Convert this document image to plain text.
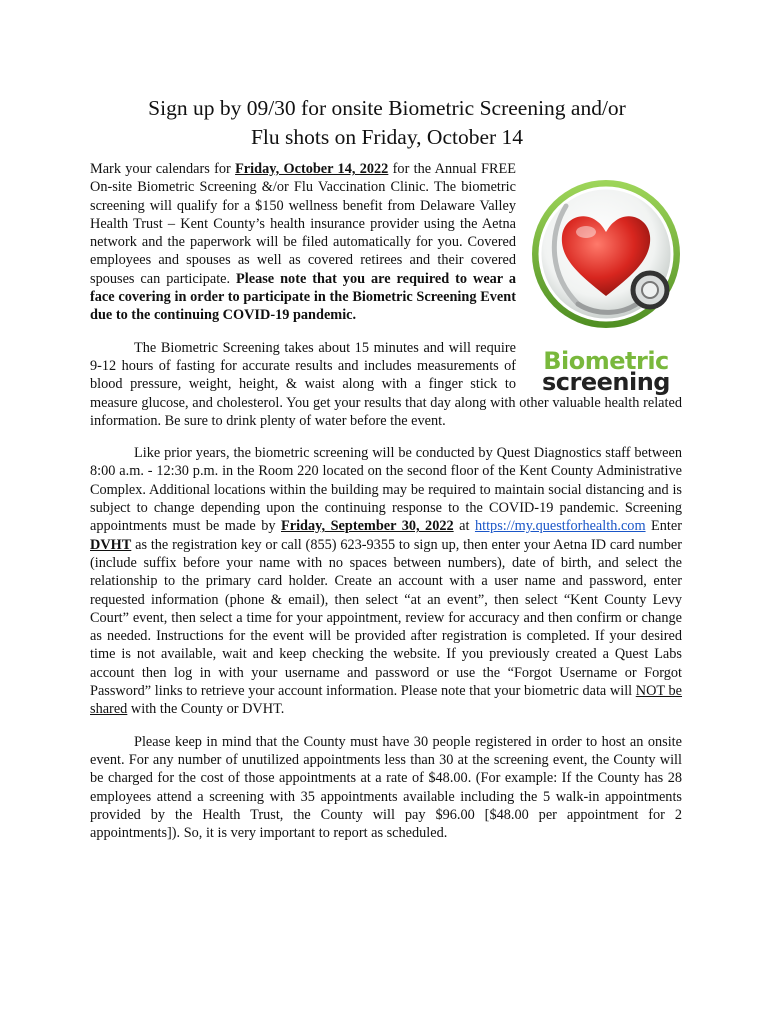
Sign up by 09/30 for onsite Biometric Screening and/or
Flu shots on Friday, October 14
Biometric
screening

Mark your calendars for Friday, October 14, 2022 for the Annual FREE On-site Biometric Screening &/or Flu Vaccination Clinic. The biometric screening will qualify for a $150 wellness benefit from Delaware Valley Health Trust – Kent County’s health insurance provider using the Aetna network and the paperwork will be filed automatically for you. Covered employees and spouses as well as covered retirees and their covered spouses can participate. Please note that you are required to wear a face covering in order to participate in the Biometric Screening Event due to the continuing COVID-19 pandemic.

The Biometric Screening takes about 15 minutes and will require 9-12 hours of fasting for accurate results and includes measurements of blood pressure, weight, height, & waist along with a finger stick to measure glucose, and cholesterol. You get your results that day along with other valuable health related information. Be sure to drink plenty of water before the event.

Like prior years, the biometric screening will be conducted by Quest Diagnostics staff between 8:00 a.m. - 12:30 p.m. in the Room 220 located on the second floor of the Kent County Administrative Complex. Additional locations within the building may be required to maintain social distancing and is subject to change depending upon the continuing response to the COVID-19 pandemic. Screening appointments must be made by Friday, September 30, 2022 at https://my.questforhealth.com Enter DVHT as the registration key or call (855) 623-9355 to sign up, then enter your Aetna ID card number (include suffix before your name with no spaces between numbers), date of birth, and select the relationship to the primary card holder. Create an account with a user name and password, enter requested information (phone & email), then select “at an event”, then select “Kent County Levy Court” event, then select a time for your appointment, review for accuracy and then confirm or change as needed. Instructions for the event will be provided after registration is completed. If your desired time is not available, wait and keep checking the website. If you previously created a Quest Labs account then log in with your username and password or use the “Forgot Username or Forgot Password” links to retrieve your account information. Please note that your biometric data will NOT be shared with the County or DVHT.

Please keep in mind that the County must have 30 people registered in order to host an onsite event. For any number of unutilized appointments less than 30 at the screening event, the County will be charged for the cost of those appointments at a rate of $48.00. (For example: If the County has 28 employees attend a screening with 35 appointments available including the 5 walk-in appointments provided by the Health Trust, the County will pay $96.00 [$48.00 per appointment for 2 appointments]). So, it is very important to report as scheduled.
